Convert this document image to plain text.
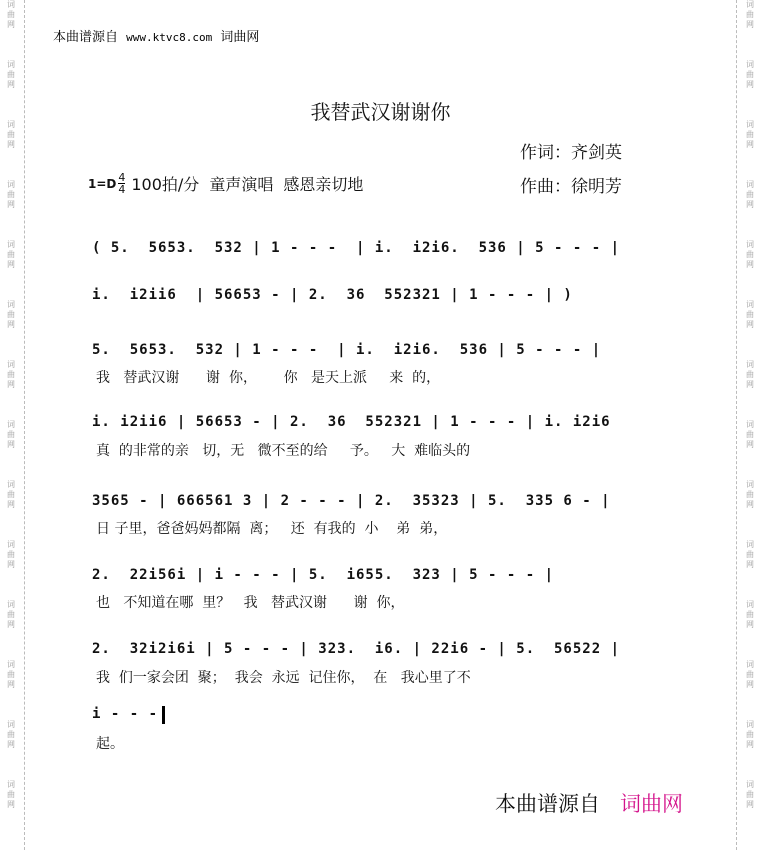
词
曲
网
词
曲
网
词
曲
网
词
曲
网
词
曲
网
词
曲
网
词
曲
网
词
曲
网
词
曲
网
词
曲
网
词
曲
网
词
曲
网
词
曲
网
词
曲
网
词
曲
网
词
曲
网
词
曲
网
词
曲
网
词
曲
网
词
曲
网
词
曲
网
词
曲
网
词
曲
网
词
曲
网
词
曲
网
词
曲
网
词
曲
网
词
曲
网
本曲谱源自 www.ktvc8.com 词曲网
我替武汉谢谢你
作词：齐剑英
$1=D \frac{4}{4} 100$拍/分 童声演唱 感恩亲切地	作曲：徐明芳
( 5.  5653.  532 | 1 - - -  | i.  i2i6.  536 | 5 - - - |
i.  i2ii6  | 56653 - | 2.  36  552321 | 1 - - - | )
5.  5653.  532 | 1 - - -  | i.  i2i6.  536 | 5 - - - |
我   替武汉谢      谢  你，      你   是天上派     来  的，
i. i2ii6 | 56653 - | 2.  36  552321 | 1 - - - | i. i2i6
真  的非常的亲   切，无   微不至的给     予。   大  难临头的
3565 - | 666561 3 | 2 - - - | 2.  35323 | 5.  335 6 - |
日 子里，爸爸妈妈都隔  离；   还  有我的  小    弟  弟，
2.  22i56i | i - - - | 5.  i655.  323 | 5 - - - |
也   不知道在哪  里？   我   替武汉谢      谢  你，
2.  32i2i6i | 5 - - - | 323.  i6. | 22i6 - | 5.  56522 |
我  们一家会团  聚；  我会  永远  记住你，  在   我心里了不
i - - -
起。
本曲谱源自 词曲网
